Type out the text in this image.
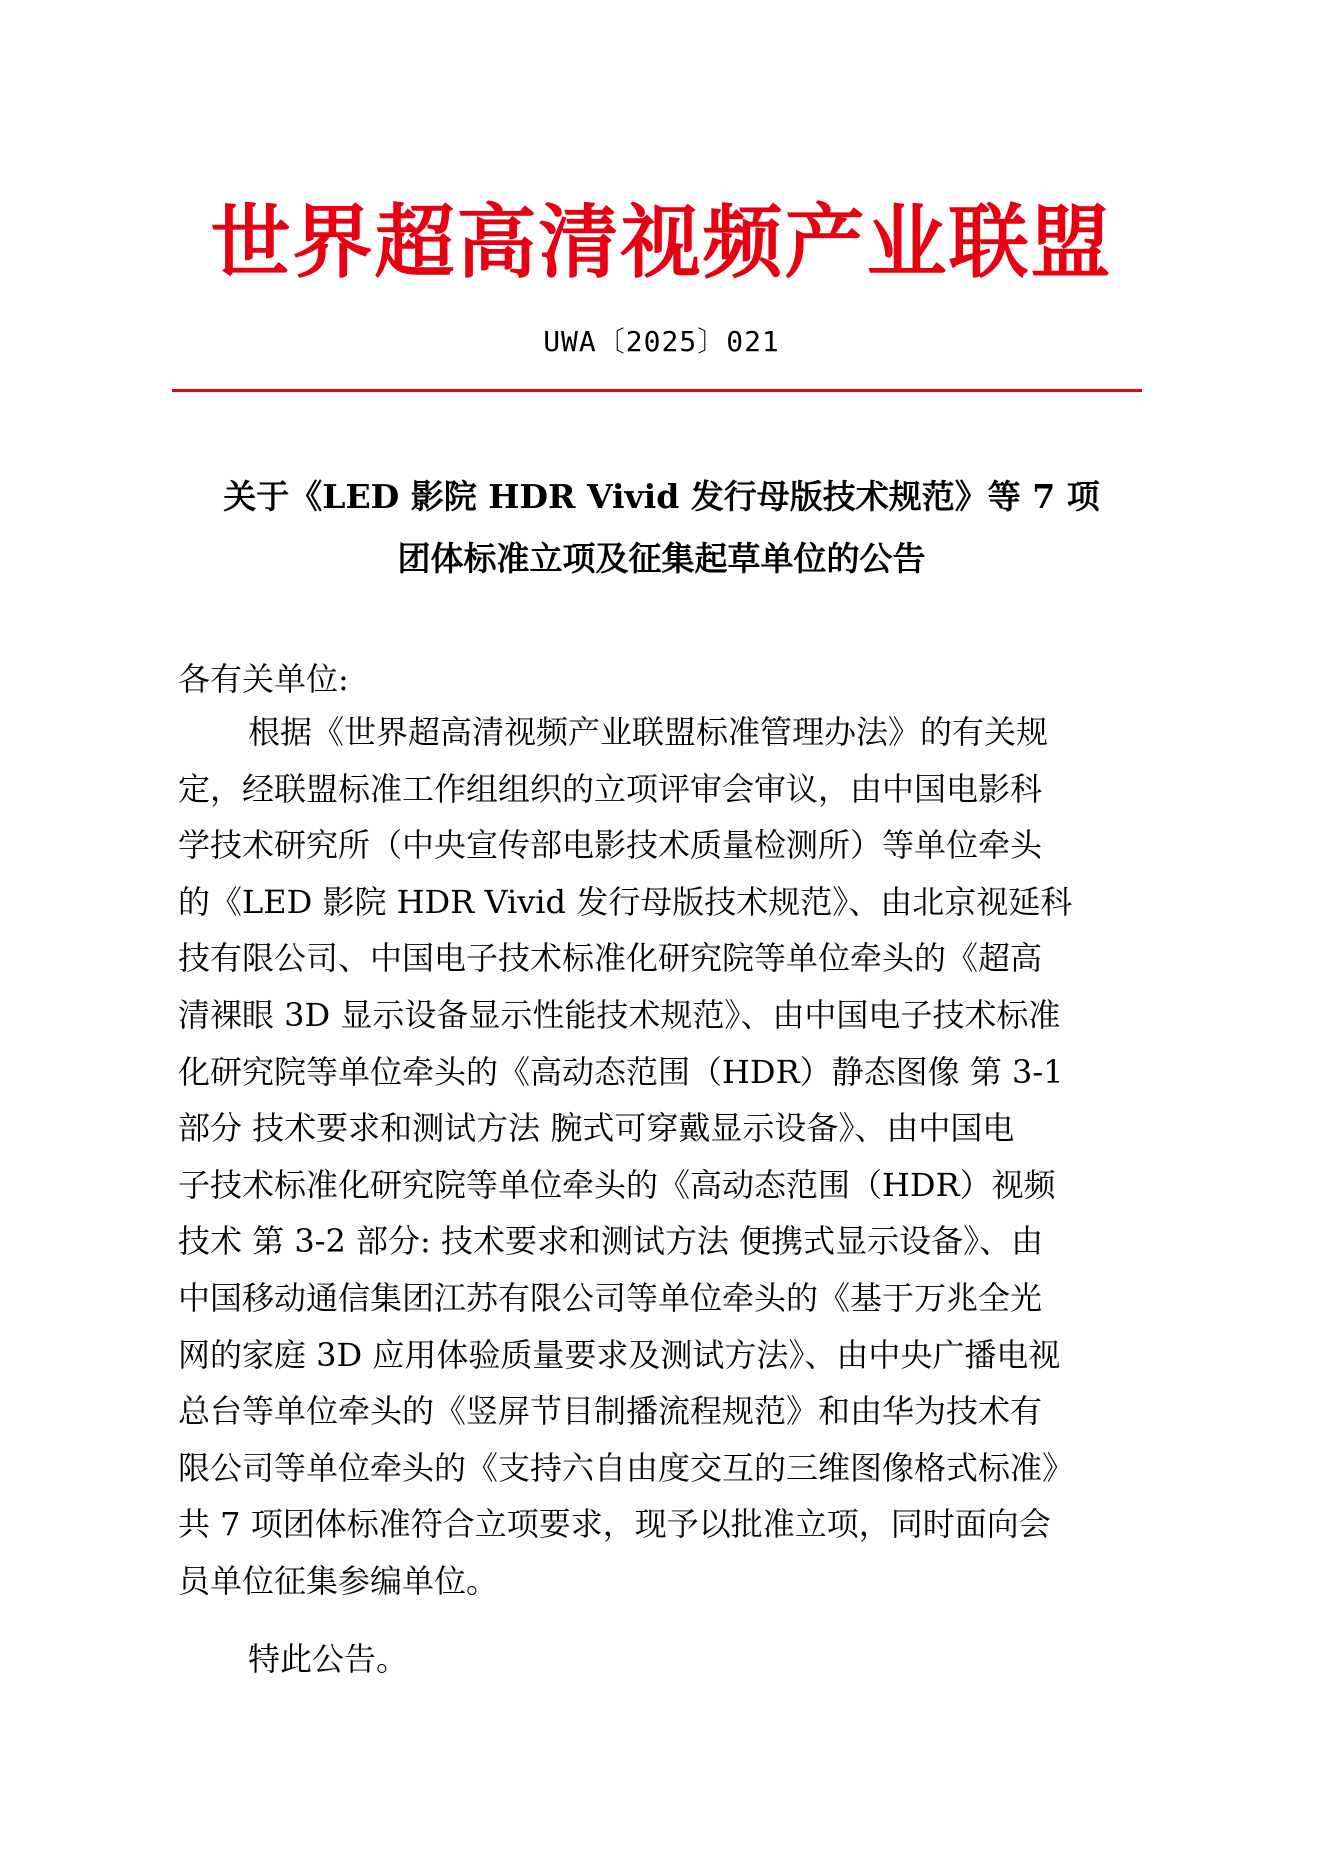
世界超高清视频产业联盟
UWA〔2025〕021
关于《LED 影院 HDR Vivid 发行母版技术规范》等 7 项
团体标准立项及征集起草单位的公告
各有关单位:
根据《世界超高清视频产业联盟标准管理办法》的有关规
定，经联盟标准工作组组织的立项评审会审议，由中国电影科
学技术研究所（中央宣传部电影技术质量检测所）等单位牵头
的《LED 影院 HDR Vivid 发行母版技术规范》、由北京视延科
技有限公司、中国电子技术标准化研究院等单位牵头的《超高
清裸眼 3D 显示设备显示性能技术规范》、由中国电子技术标准
化研究院等单位牵头的《高动态范围（HDR）静态图像 第 3-1
部分 技术要求和测试方法 腕式可穿戴显示设备》、由中国电
子技术标准化研究院等单位牵头的《高动态范围（HDR）视频
技术 第 3-2 部分: 技术要求和测试方法 便携式显示设备》、由
中国移动通信集团江苏有限公司等单位牵头的《基于万兆全光
网的家庭 3D 应用体验质量要求及测试方法》、由中央广播电视
总台等单位牵头的《竖屏节目制播流程规范》和由华为技术有
限公司等单位牵头的《支持六自由度交互的三维图像格式标准》
共 7 项团体标准符合立项要求，现予以批准立项，同时面向会
员单位征集参编单位。
特此公告。
